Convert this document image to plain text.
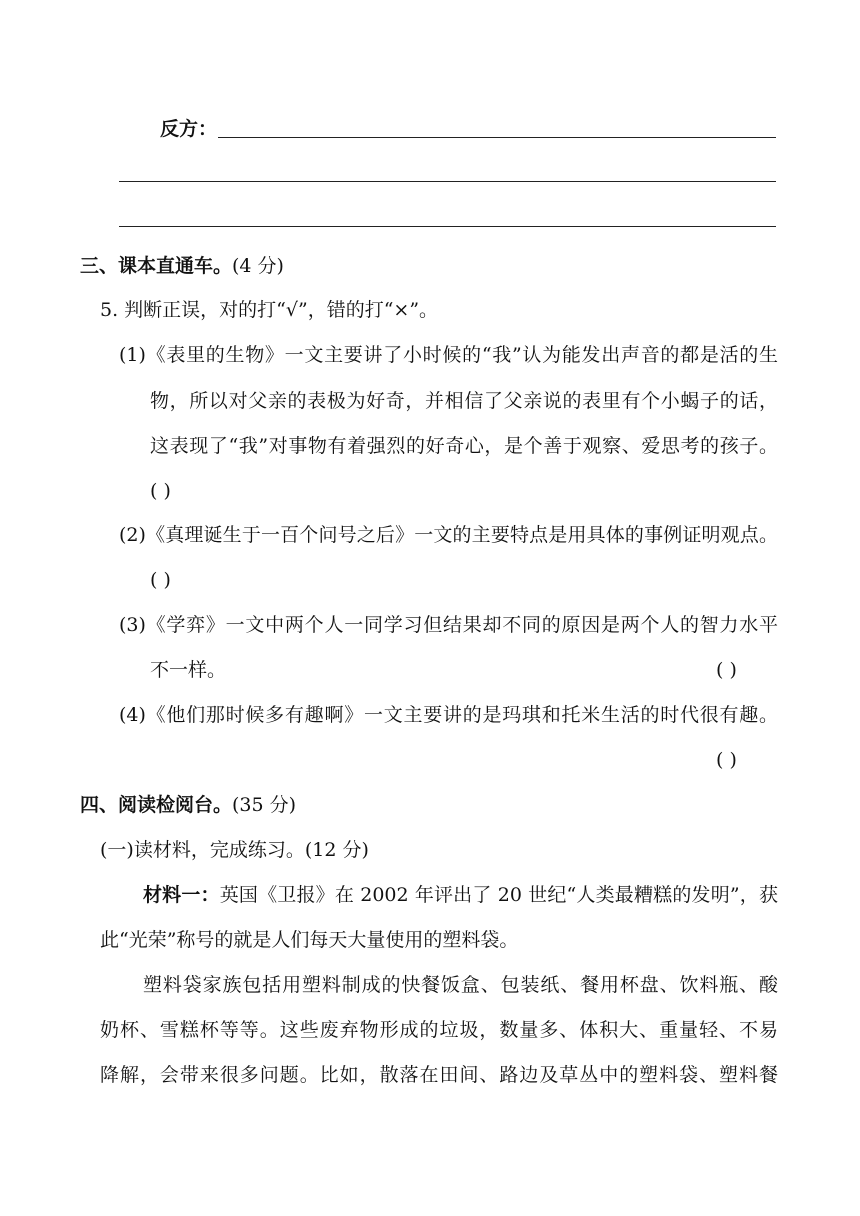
反方：
三、课本直通车。(4 分)
5. 判断正误，对的打“√”，错的打“×”。
(1)《表里的生物》一文主要讲了小时候的“我”认为能发出声音的都是活的生
物，所以对父亲的表极为好奇，并相信了父亲说的表里有个小蝎子的话，
这表现了“我”对事物有着强烈的好奇心，是个善于观察、爱思考的孩子。
( )
(2)《真理诞生于一百个问号之后》一文的主要特点是用具体的事例证明观点。
( )
(3)《学弈》一文中两个人一同学习但结果却不同的原因是两个人的智力水平
不一样。	( )
(4)《他们那时候多有趣啊》一文主要讲的是玛琪和托米生活的时代很有趣。
( )
四、阅读检阅台。(35 分)
(一)读材料，完成练习。(12 分)
材料一：英国《卫报》在 2002 年评出了 20 世纪“人类最糟糕的发明”，获
此“光荣”称号的就是人们每天大量使用的塑料袋。
塑料袋家族包括用塑料制成的快餐饭盒、包装纸、餐用杯盘、饮料瓶、酸
奶杯、雪糕杯等等。这些废弃物形成的垃圾，数量多、体积大、重量轻、不易
降解，会带来很多问题。比如，散落在田间、路边及草丛中的塑料袋、塑料餐
